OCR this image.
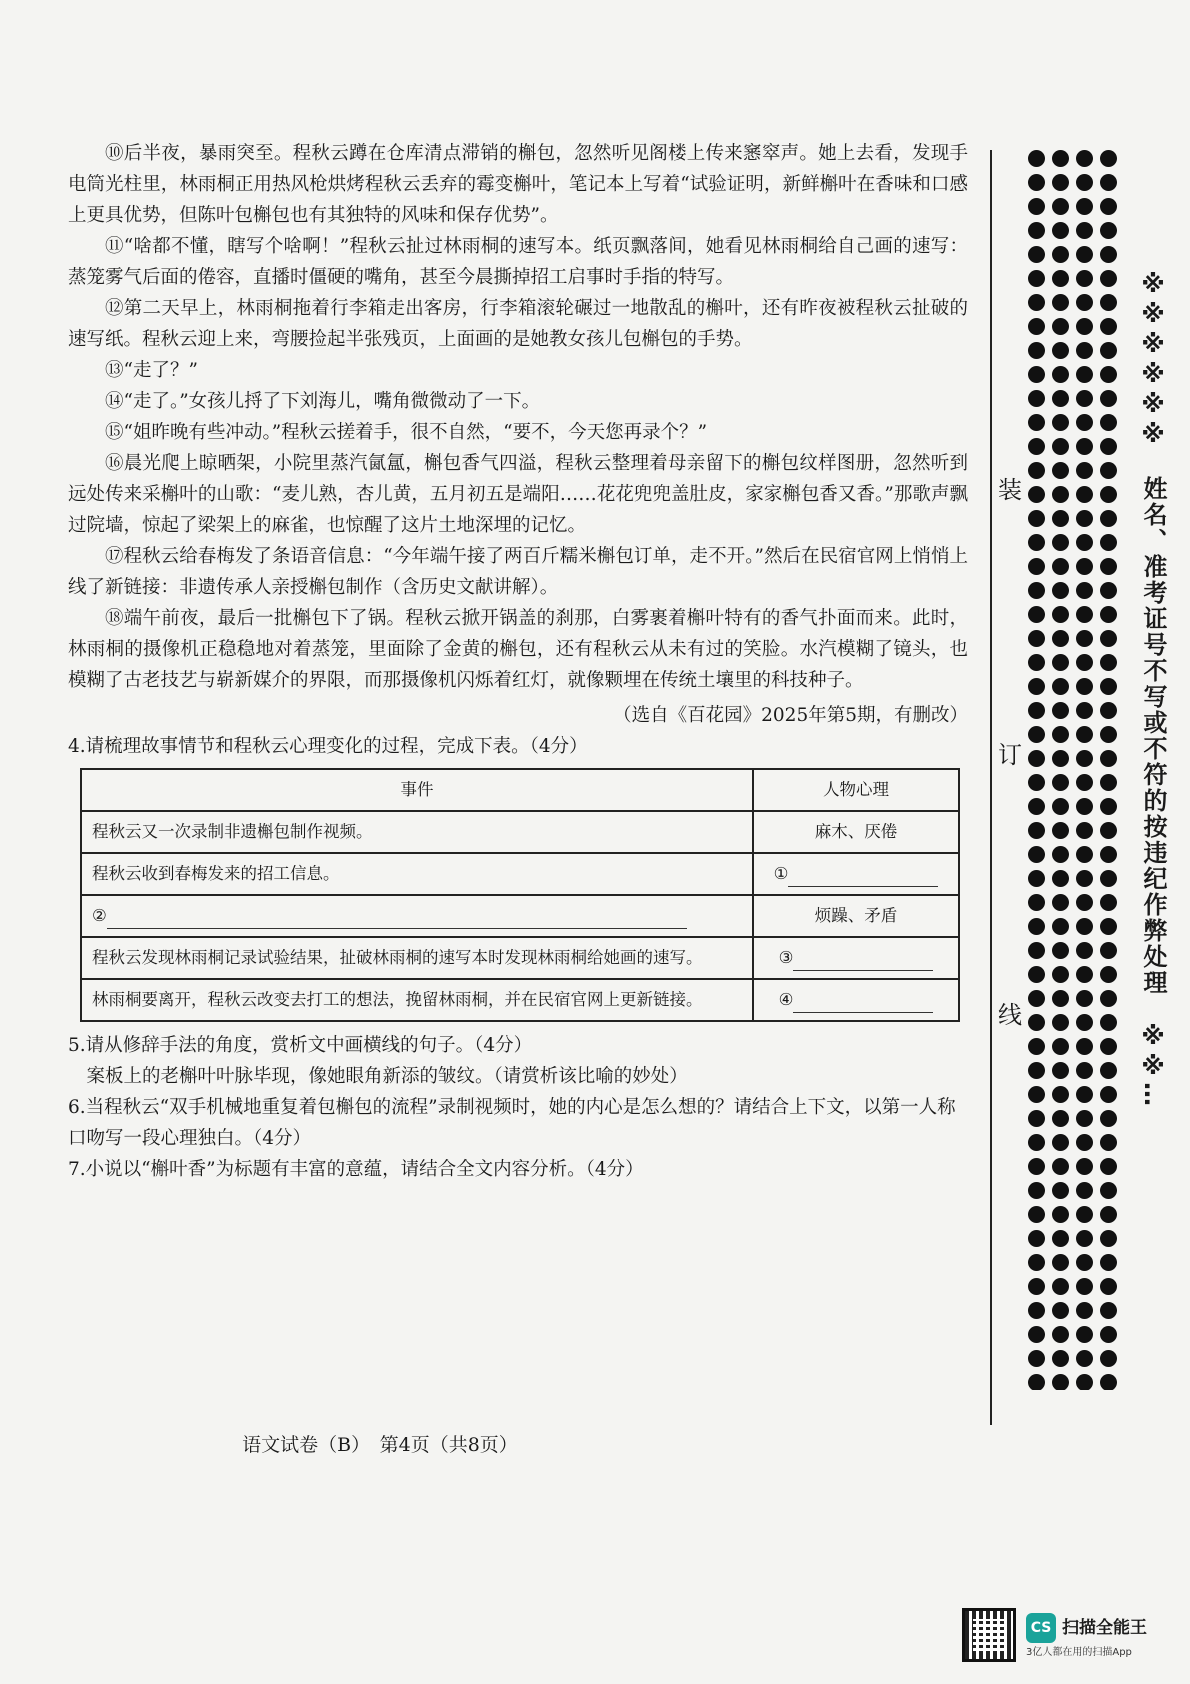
⑩后半夜，暴雨突至。程秋云蹲在仓库清点滞销的槲包，忽然听见阁楼上传来窸窣声。她上去看，发现手电筒光柱里，林雨桐正用热风枪烘烤程秋云丢弃的霉变槲叶，笔记本上写着“试验证明，新鲜槲叶在香味和口感上更具优势，但陈叶包槲包也有其独特的风味和保存优势”。

⑪“啥都不懂，瞎写个啥啊！”程秋云扯过林雨桐的速写本。纸页飘落间，她看见林雨桐给自己画的速写：蒸笼雾气后面的倦容，直播时僵硬的嘴角，甚至今晨撕掉招工启事时手指的特写。

⑫第二天早上，林雨桐拖着行李箱走出客房，行李箱滚轮碾过一地散乱的槲叶，还有昨夜被程秋云扯破的速写纸。程秋云迎上来，弯腰捡起半张残页，上面画的是她教女孩儿包槲包的手势。

⑬“走了？”

⑭“走了。”女孩儿捋了下刘海儿，嘴角微微动了一下。

⑮“姐昨晚有些冲动。”程秋云搓着手，很不自然，“要不，今天您再录个？”

⑯晨光爬上晾晒架，小院里蒸汽氤氲，槲包香气四溢，程秋云整理着母亲留下的槲包纹样图册，忽然听到远处传来采槲叶的山歌：“麦儿熟，杏儿黄，五月初五是端阳……花花兜兜盖肚皮，家家槲包香又香。”那歌声飘过院墙，惊起了梁架上的麻雀，也惊醒了这片土地深埋的记忆。

⑰程秋云给春梅发了条语音信息：“今年端午接了两百斤糯米槲包订单，走不开。”然后在民宿官网上悄悄上线了新链接：非遗传承人亲授槲包制作（含历史文献讲解）。

⑱端午前夜，最后一批槲包下了锅。程秋云掀开锅盖的刹那，白雾裹着槲叶特有的香气扑面而来。此时，林雨桐的摄像机正稳稳地对着蒸笼，里面除了金黄的槲包，还有程秋云从未有过的笑脸。水汽模糊了镜头，也模糊了古老技艺与崭新媒介的界限，而那摄像机闪烁着红灯，就像颗埋在传统土壤里的科技种子。

（选自《百花园》2025年第5期，有删改）

4.请梳理故事情节和程秋云心理变化的过程，完成下表。（4分）

事件	人物心理
程秋云又一次录制非遗槲包制作视频。	麻木、厌倦
程秋云收到春梅发来的招工信息。	①
②	烦躁、矛盾
程秋云发现林雨桐记录试验结果，扯破林雨桐的速写本时发现林雨桐给她画的速写。	③
林雨桐要离开，程秋云改变去打工的想法，挽留林雨桐，并在民宿官网上更新链接。	④

5.请从修辞手法的角度，赏析文中画横线的句子。（4分）

案板上的老槲叶叶脉毕现，像她眼角新添的皱纹。（请赏析该比喻的妙处）

6.当程秋云“双手机械地重复着包槲包的流程”录制视频时，她的内心是怎么想的？请结合上下文，以第一人称口吻写一段心理独白。（4分）

7.小说以“槲叶香”为标题有丰富的意蕴，请结合全文内容分析。（4分）

语文试卷（B）　第4页（共8页）
装
订
线	※※※※※※　姓名、准考证号不写或不符的按违纪作弊处理　※※…
CS 扫描全能王
3亿人都在用的扫描App
